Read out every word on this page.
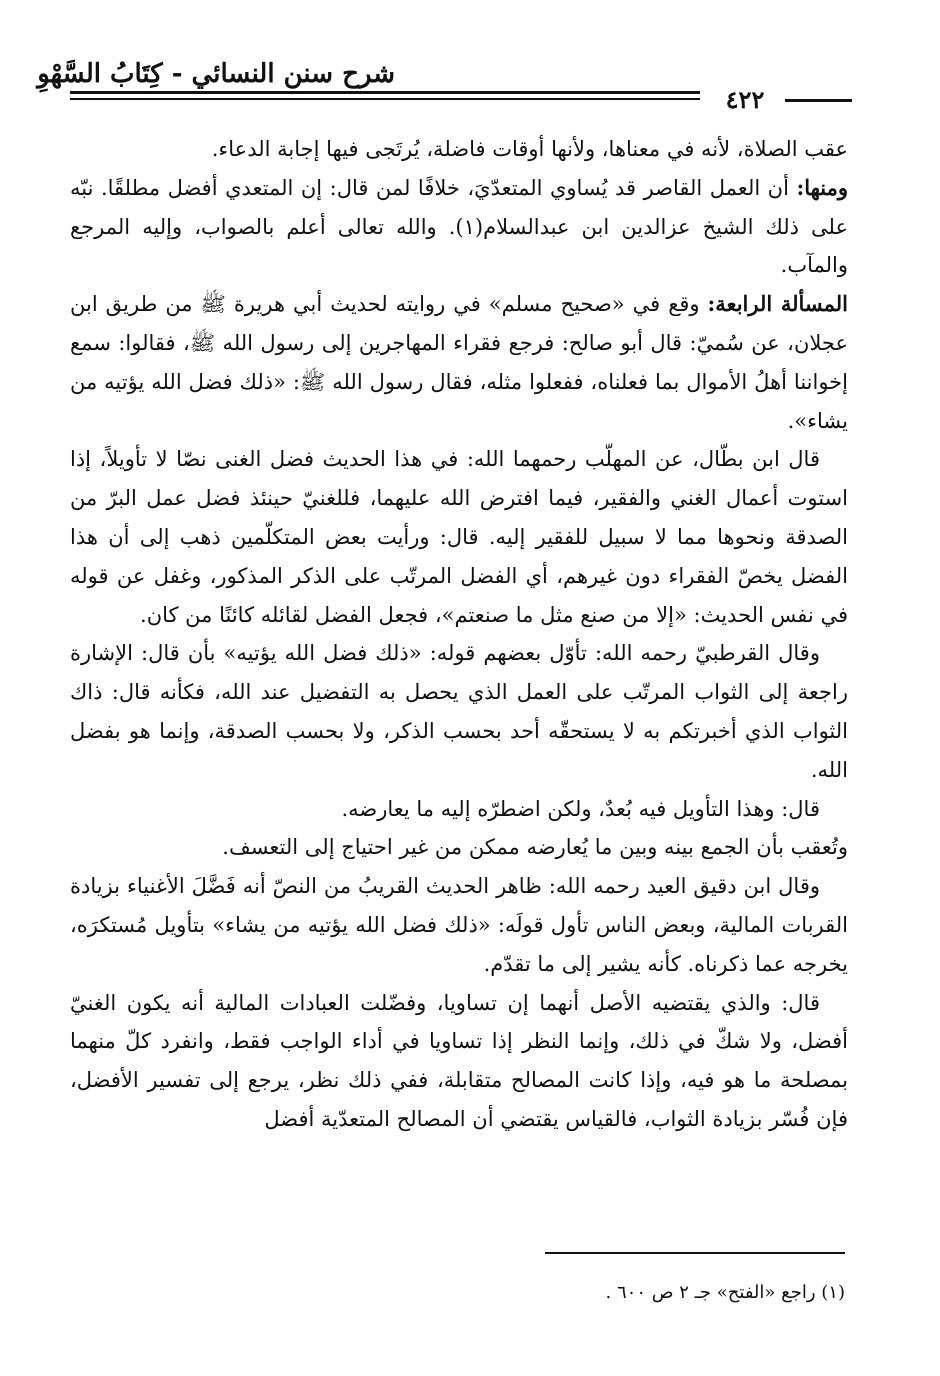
شرح سنن النسائي - كِتَابُ السَّهْوِ
٤٢٢

عقب الصلاة، لأنه في معناها، ولأنها أوقات فاضلة، يُرتَجى فيها إجابة الدعاء.

ومنها: أن العمل القاصر قد يُساوي المتعدّيَ، خلافًا لمن قال: إن المتعدي أفضل مطلقًا. نبّه على ذلك الشيخ عزالدين ابن عبدالسلام(١). والله تعالى أعلم بالصواب، وإليه المرجع والمآب.

المسألة الرابعة: وقع في «صحيح مسلم» في روايته لحديث أبي هريرة ﷺ من طريق ابن عجلان، عن سُميّ: قال أبو صالح: فرجع فقراء المهاجرين إلى رسول الله ﷺ، فقالوا: سمع إخواننا أهلُ الأموال بما فعلناه، ففعلوا مثله، فقال رسول الله ﷺ: «ذلك فضل الله يؤتيه من يشاء».

قال ابن بطّال، عن المهلّب رحمهما الله: في هذا الحديث فضل الغنى نصّا لا تأويلاً، إذا استوت أعمال الغني والفقير، فيما افترض الله عليهما، فللغنيّ حينئذ فضل عمل البرّ من الصدقة ونحوها مما لا سبيل للفقير إليه. قال: ورأيت بعض المتكلّمين ذهب إلى أن هذا الفضل يخصّ الفقراء دون غيرهم، أي الفضل المرتّب على الذكر المذكور، وغفل عن قوله في نفس الحديث: «إلا من صنع مثل ما صنعتم»، فجعل الفضل لقائله كائنًا من كان.

وقال القرطبيّ رحمه الله: تأوّل بعضهم قوله: «ذلك فضل الله يؤتيه» بأن قال: الإشارة راجعة إلى الثواب المرتّب على العمل الذي يحصل به التفضيل عند الله، فكأنه قال: ذاك الثواب الذي أخبرتكم به لا يستحقّه أحد بحسب الذكر، ولا بحسب الصدقة، وإنما هو بفضل الله.

قال: وهذا التأويل فيه بُعدٌ، ولكن اضطرّه إليه ما يعارضه.

وتُعقب بأن الجمع بينه وبين ما يُعارضه ممكن من غير احتياج إلى التعسف.

وقال ابن دقيق العيد رحمه الله: ظاهر الحديث القريبُ من النصّ أنه فَضَّلَ الأغنياء بزيادة القربات المالية، وبعض الناس تأول قولَه: «ذلك فضل الله يؤتيه من يشاء» بتأويل مُستكرَه، يخرجه عما ذكرناه. كأنه يشير إلى ما تقدّم.

قال: والذي يقتضيه الأصل أنهما إن تساويا، وفضّلت العبادات المالية أنه يكون الغنيّ أفضل، ولا شكّ في ذلك، وإنما النظر إذا تساويا في أداء الواجب فقط، وانفرد كلّ منهما بمصلحة ما هو فيه، وإذا كانت المصالح متقابلة، ففي ذلك نظر، يرجع إلى تفسير الأفضل، فإن فُسّر بزيادة الثواب، فالقياس يقتضي أن المصالح المتعدّية أفضل

(١) راجع «الفتح» جـ ٢ ص ٦٠٠ .
